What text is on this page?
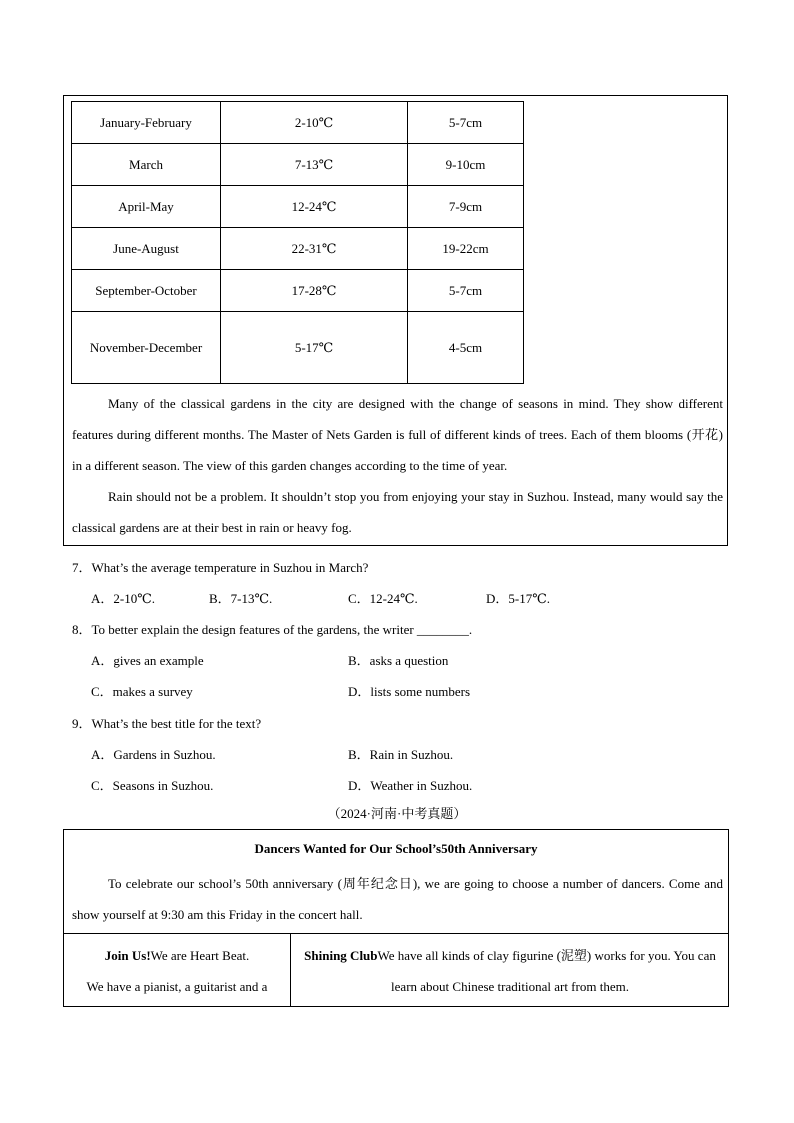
January-February	2-10℃	5-7cm
March	7-13℃	9-10cm
April-May	12-24℃	7-9cm
June-August	22-31℃	19-22cm
September-October	17-28℃	5-7cm
November-December	5-17℃	4-5cm

Many of the classical gardens in the city are designed with the change of seasons in mind. They show different features during different months. The Master of Nets Garden is full of different kinds of trees. Each of them blooms (开花) in a different season. The view of this garden changes according to the time of year.

Rain should not be a problem. It shouldn’t stop you from enjoying your stay in Suzhou. Instead, many would say the classical gardens are at their best in rain or heavy fog.

7．What’s the average temperature in Suzhou in March?
A．2-10℃.	B．7-13℃.	C．12-24℃.	D．5-17℃.
8．To better explain the design features of the gardens, the writer ________.
A．gives an example	B．asks a question
C．makes a survey	D．lists some numbers
9．What’s the best title for the text?
A．Gardens in Suzhou.	B．Rain in Suzhou.
C．Seasons in Suzhou.	D．Weather in Suzhou.
（2024·河南·中考真题）
Dancers Wanted for Our School’s50th Anniversary

To celebrate our school’s 50th anniversary (周年纪念日), we are going to choose a number of dancers. Come and show yourself at 9:30 am this Friday in the concert hall.

Join Us!We are Heart Beat.
We have a pianist, a guitarist and a
Shining ClubWe have all kinds of clay figurine (泥塑) works for you. You can learn about Chinese traditional art from them.
